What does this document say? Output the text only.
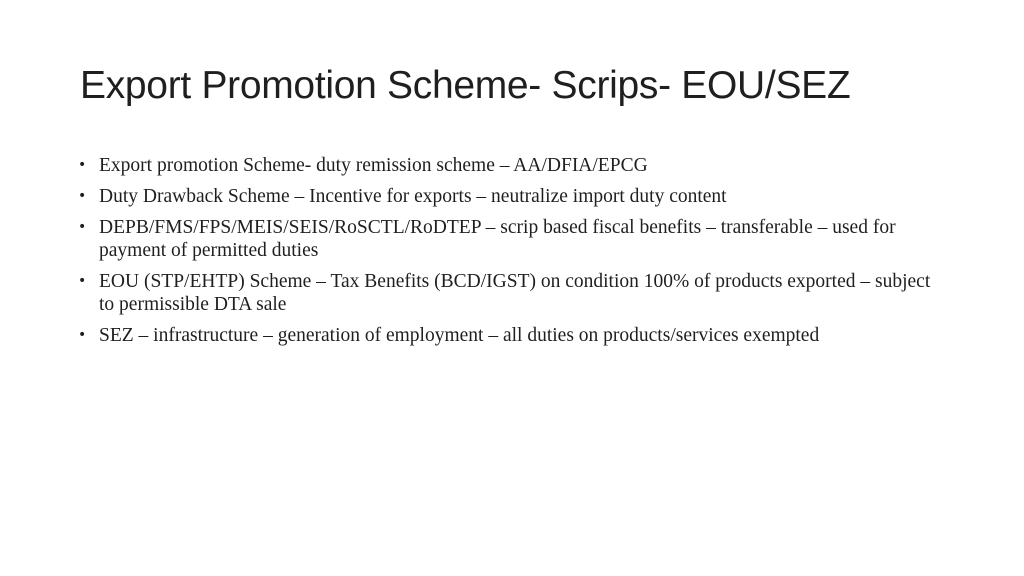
Export Promotion Scheme- Scrips- EOU/SEZ
• Export promotion Scheme- duty remission scheme – AA/DFIA/EPCG
• Duty Drawback Scheme – Incentive for exports – neutralize import duty content
• DEPB/FMS/FPS/MEIS/SEIS/RoSCTL/RoDTEP – scrip based fiscal benefits – transferable – used for payment of permitted duties
• EOU (STP/EHTP) Scheme – Tax Benefits (BCD/IGST) on condition 100% of products exported – subject to permissible DTA sale
• SEZ – infrastructure – generation of employment – all duties on products/services exempted
